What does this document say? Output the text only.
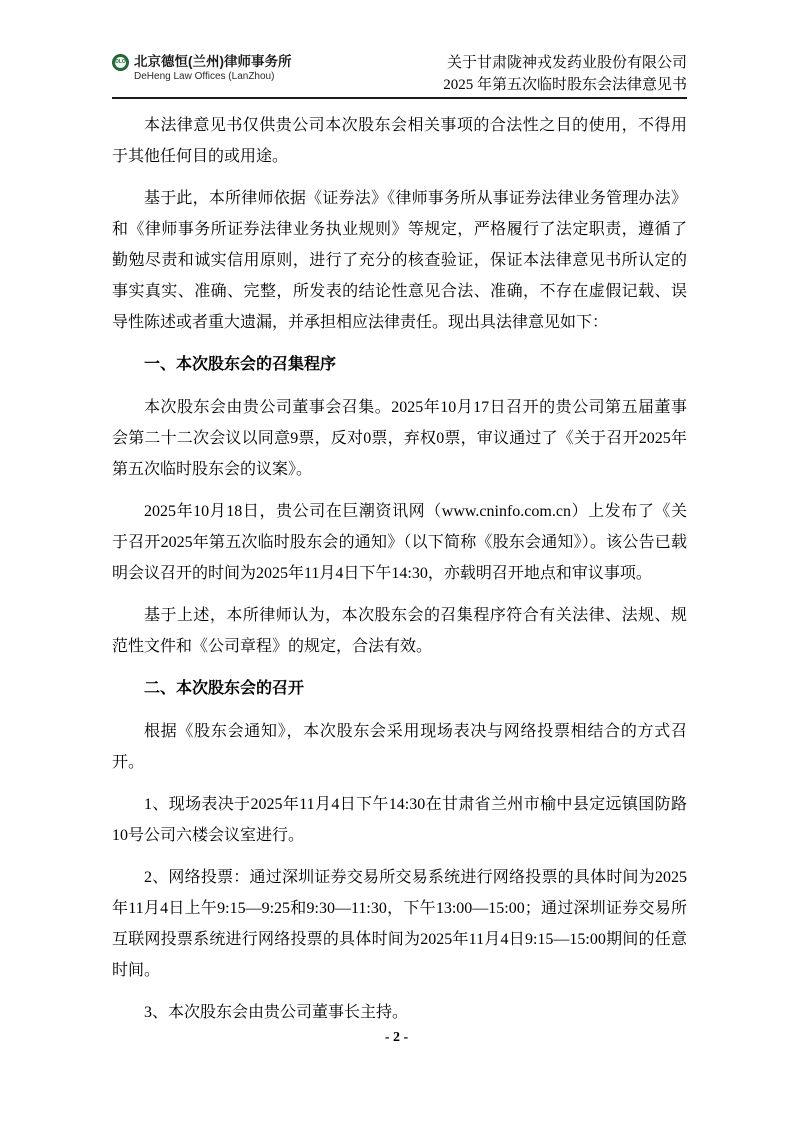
DLO 北京德恒(兰州)律师事务所
DeHeng Law Offices (LanZhou)
关于甘肃陇神戎发药业股份有限公司
2025 年第五次临时股东会法律意见书

本法律意见书仅供贵公司本次股东会相关事项的合法性之目的使用，不得用于其他任何目的或用途。

基于此，本所律师依据《证券法》《律师事务所从事证券法律业务管理办法》和《律师事务所证券法律业务执业规则》等规定，严格履行了法定职责，遵循了勤勉尽责和诚实信用原则，进行了充分的核查验证，保证本法律意见书所认定的事实真实、准确、完整，所发表的结论性意见合法、准确，不存在虚假记载、误导性陈述或者重大遗漏，并承担相应法律责任。现出具法律意见如下：

一、本次股东会的召集程序

本次股东会由贵公司董事会召集。2025年10月17日召开的贵公司第五届董事会第二十二次会议以同意9票，反对0票，弃权0票，审议通过了《关于召开2025年第五次临时股东会的议案》。

2025年10月18日，贵公司在巨潮资讯网（www.cninfo.com.cn）上发布了《关于召开2025年第五次临时股东会的通知》（以下简称《股东会通知》）。该公告已载明会议召开的时间为2025年11月4日下午14:30，亦载明召开地点和审议事项。

基于上述，本所律师认为，本次股东会的召集程序符合有关法律、法规、规范性文件和《公司章程》的规定，合法有效。

二、本次股东会的召开

根据《股东会通知》，本次股东会采用现场表决与网络投票相结合的方式召开。

1、现场表决于2025年11月4日下午14:30在甘肃省兰州市榆中县定远镇国防路10号公司六楼会议室进行。

2、网络投票：通过深圳证券交易所交易系统进行网络投票的具体时间为2025年11月4日上午9:15—9:25和9:30—11:30，下午13:00—15:00；通过深圳证券交易所互联网投票系统进行网络投票的具体时间为2025年11月4日9:15—15:00期间的任意时间。

3、本次股东会由贵公司董事长主持。

- 2 -
